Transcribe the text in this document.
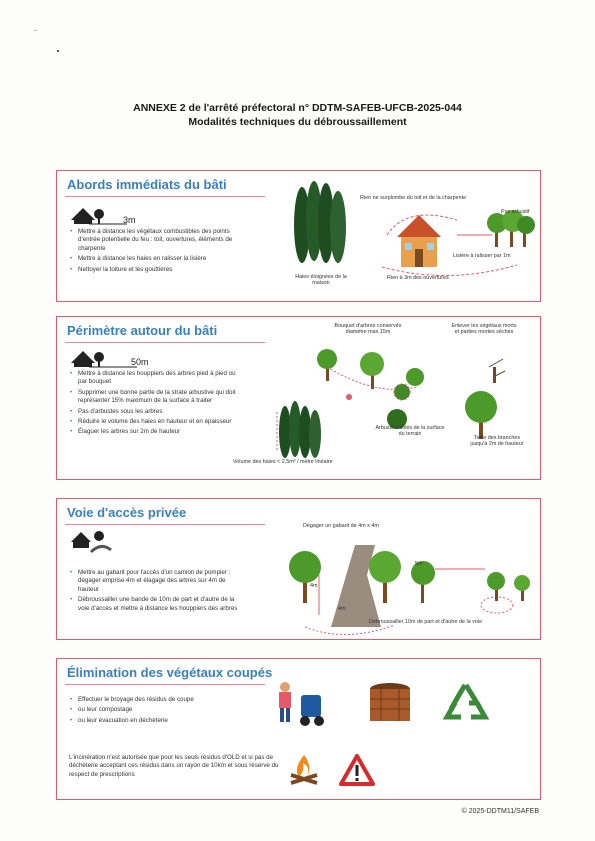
ANNEXE 2 de l'arrêté préfectoral n° DDTM-SAFEB-UFCB-2025-044
Modalités techniques du débroussaillement
Abords immédiats du bâti
3m
• Mettre à distance les végétaux combustibles des points d'entrée potentielle du feu : toit, ouvertures, éléments de charpente
• Mettre à distance les haies en ralisser la lisière
• Nettoyer la toiture et les gouttières
Haies éloignées de la maison
Rien ne surplombe du toit et de la charpente
Pas arbustif
Lisière à ralisser par 1m
Rien à 3m des ouvertures
Périmètre autour du bâti
50m
• Mettre à distance les houppiers des arbres pied à pied ou par bouquet
• Supprimer une bonne partie de la strate arbustive qui doit représenter 15% maximum de la surface à traiter
• Pas d'arbustes sous les arbres
• Réduire le volume des haies en hauteur et en épaisseur
• Élaguer les arbres sur 2m de hauteur
Bouquet d'arbres conservés diamètre max 15m
Enlever les végétaux morts et parties mortes sèches
Arbustes isolés de la surface du terrain
Taille des branches jusqu'à 2m de hauteur
Volume des haies < 2,5m³ / mètre linéaire
Voie d'accès privée
• Mettre au gabarit pour l'accès d'un camion de pompier : dégager emprise 4m et élagage des arbres sur 4m de hauteur
• Débroussailler une bande de 10m de part et d'autre de la voie d'accès et mettre à distance les houppiers des arbres
Dégager un gabarit de 4m x 4m
4m
4m
5m
Débroussailler 10m de part et d'autre de la voie
Élimination des végétaux coupés
• Effectuer le broyage des résidus de coupe
• ou leur compostage
• ou leur évacuation en déchèterie
L'incinération n'est autorisée que pour les seuls résidus d'OLD et si pas de déchèterie acceptant ces résidus dans un rayon de 10km et sous réserve du respect de prescriptions
© 2025-DDTM11/SAFEB
